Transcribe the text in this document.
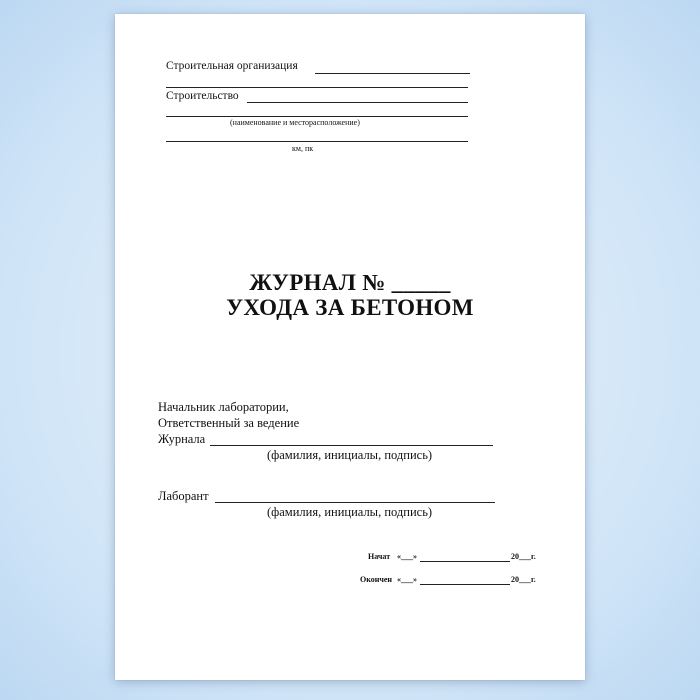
Строительная организация
Строительство
(наименование и месторасположение)
км, пк
ЖУРНАЛ № _____
УХОДА ЗА БЕТОНОМ
Начальник лаборатории,
Ответственный за ведение
Журнала
(фамилия, инициалы, подпись)
Лаборант
(фамилия, инициалы, подпись)
Начат «___»	20___г.
Окончен «___»	20___г.
